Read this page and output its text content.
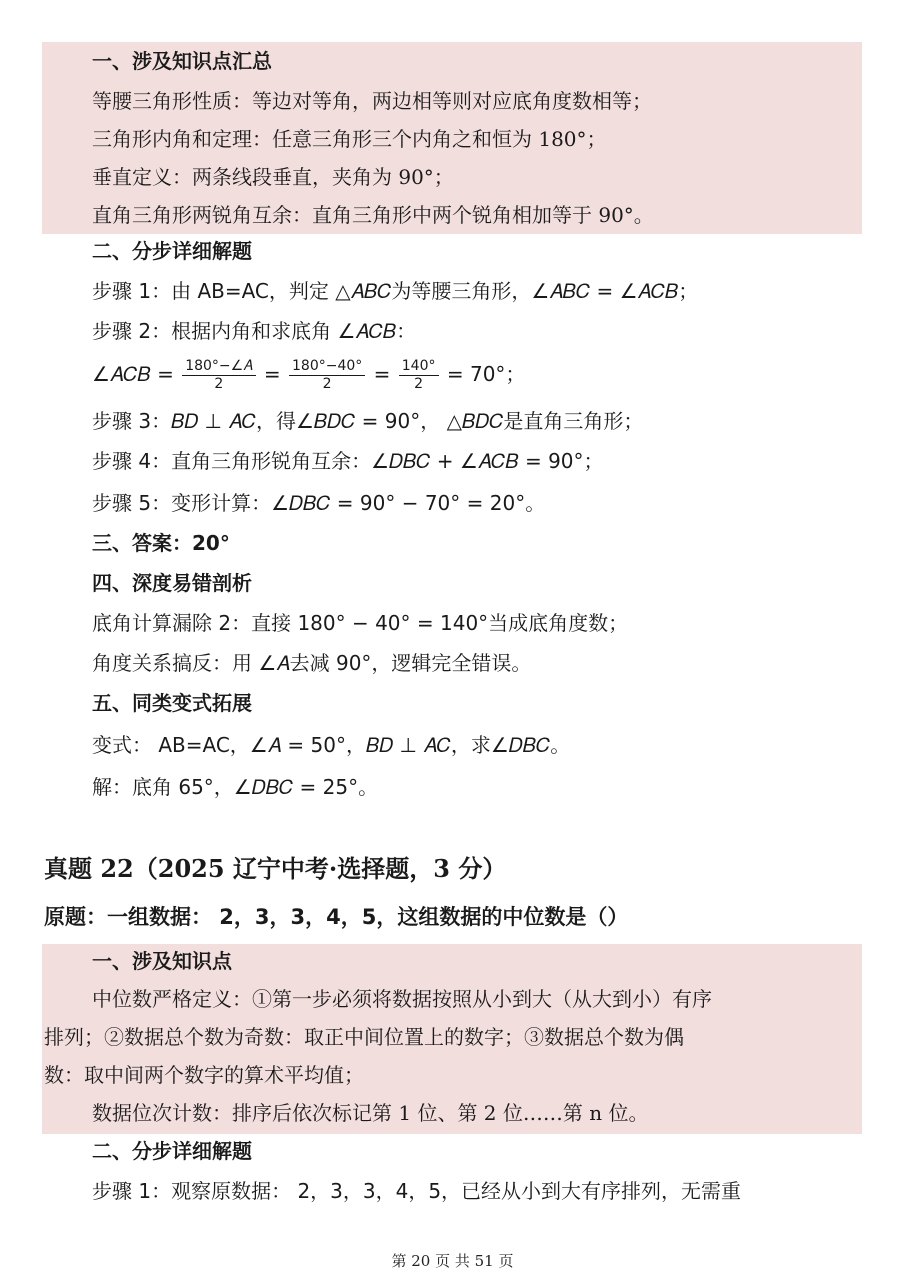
一、涉及知识点汇总
等腰三角形性质：等边对等角，两边相等则对应底角度数相等；
三角形内角和定理：任意三角形三个内角之和恒为 180°；
垂直定义：两条线段垂直，夹角为 90°；
直角三角形两锐角互余：直角三角形中两个锐角相加等于 90°。
二、分步详细解题
步骤 1：由 AB=AC，判定 △𝐴𝐵𝐶为等腰三角形，∠𝐴𝐵𝐶 = ∠𝐴𝐶𝐵；
步骤 2：根据内角和求底角 ∠𝐴𝐶𝐵：
∠𝐴𝐶𝐵 = $\frac{\text{180°−∠𝐴}}{2} = \frac{180^\circ-40^\circ}{2} = \frac{140^\circ}{2} = 70^\circ$；
步骤 3：𝐵𝐷 ⊥ 𝐴𝐶，得∠𝐵𝐷𝐶 = 90°， △𝐵𝐷𝐶是直角三角形；
步骤 4：直角三角形锐角互余：∠𝐷𝐵𝐶 + ∠𝐴𝐶𝐵 = 90°；
步骤 5：变形计算：∠𝐷𝐵𝐶 = 90° − 70° = 20°。
三、答案：20°
四、深度易错剖析
底角计算漏除 2：直接 180° − 40° = 140°当成底角度数；
角度关系搞反：用 ∠𝐴去减 90°，逻辑完全错误。
五、同类变式拓展
变式： AB=AC，∠𝐴 = 50°，𝐵𝐷 ⊥ 𝐴𝐶，求∠𝐷𝐵𝐶。
解：底角 65°，∠𝐷𝐵𝐶 = 25°。
真题 22（2025 辽宁中考·选择题，3 分）
原题：一组数据： 2，3，3，4，5，这组数据的中位数是（）
一、涉及知识点
中位数严格定义：①第一步必须将数据按照从小到大（从大到小）有序
排列；②数据总个数为奇数：取正中间位置上的数字；③数据总个数为偶
数：取中间两个数字的算术平均值；
数据位次计数：排序后依次标记第 1 位、第 2 位……第 n 位。
二、分步详细解题
步骤 1：观察原数据： 2，3，3，4，5，已经从小到大有序排列，无需重
第 20 页 共 51 页
